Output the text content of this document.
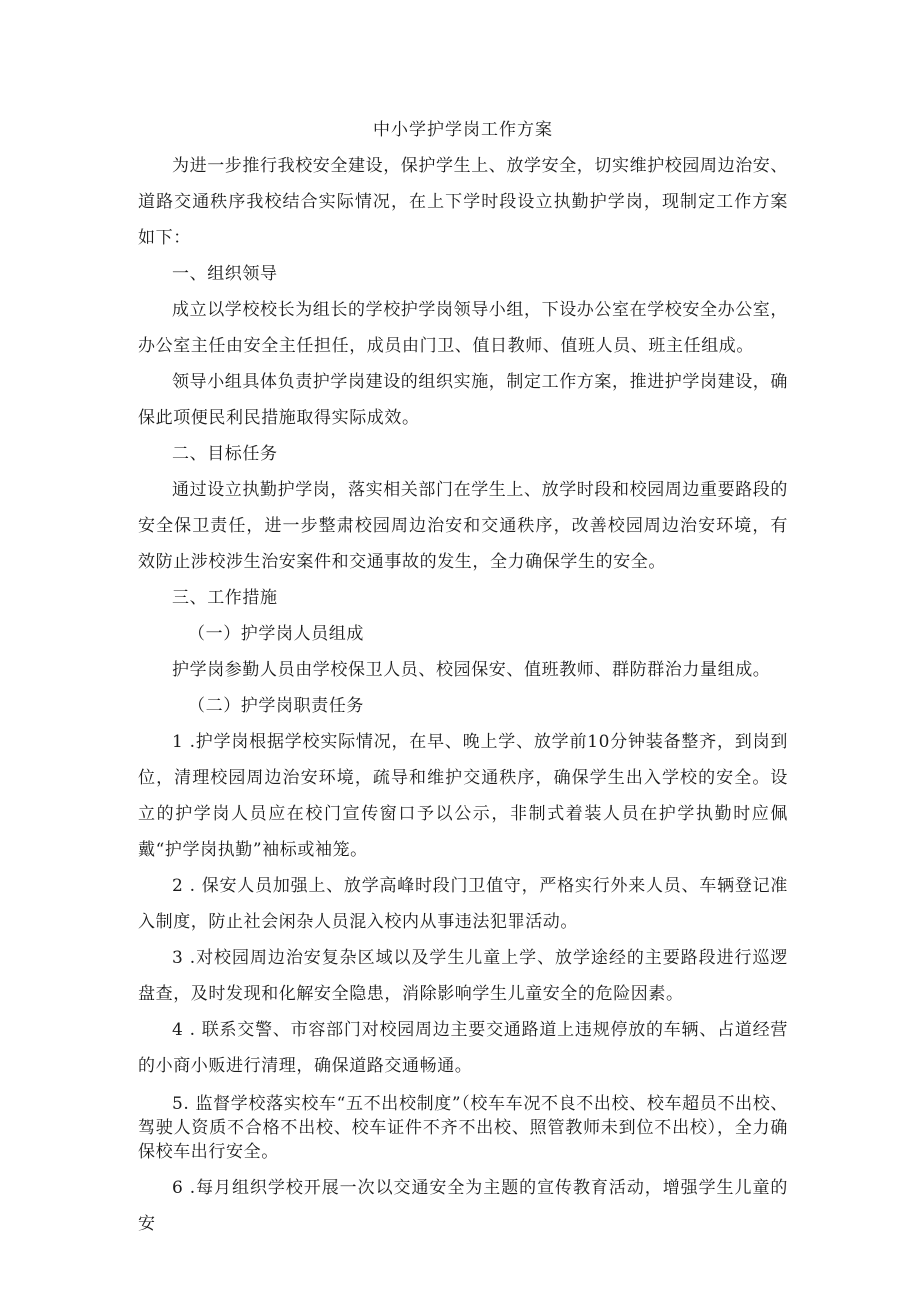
中小学护学岗工作方案

为进一步推行我校安全建设，保护学生上、放学安全，切实维护校园周边治安、道路交通秩序我校结合实际情况，在上下学时段设立执勤护学岗，现制定工作方案如下：

一、组织领导

成立以学校校长为组长的学校护学岗领导小组，下设办公室在学校安全办公室，办公室主任由安全主任担任，成员由门卫、值日教师、值班人员、班主任组成。

领导小组具体负责护学岗建设的组织实施，制定工作方案，推进护学岗建设，确保此项便民利民措施取得实际成效。

二、目标任务

通过设立执勤护学岗，落实相关部门在学生上、放学时段和校园周边重要路段的安全保卫责任，进一步整肃校园周边治安和交通秩序，改善校园周边治安环境，有效防止涉校涉生治安案件和交通事故的发生，全力确保学生的安全。

三、工作措施

（一）护学岗人员组成

护学岗参勤人员由学校保卫人员、校园保安、值班教师、群防群治力量组成。

（二）护学岗职责任务

1 .护学岗根据学校实际情况，在早、晚上学、放学前10分钟装备整齐，到岗到位，清理校园周边治安环境，疏导和维护交通秩序，确保学生出入学校的安全。设立的护学岗人员应在校门宣传窗口予以公示，非制式着装人员在护学执勤时应佩戴“护学岗执勤”袖标或袖笼。

2 . 保安人员加强上、放学高峰时段门卫值守，严格实行外来人员、车辆登记准入制度，防止社会闲杂人员混入校内从事违法犯罪活动。

3 .对校园周边治安复杂区域以及学生儿童上学、放学途经的主要路段进行巡逻盘查，及时发现和化解安全隐患，消除影响学生儿童安全的危险因素。

4 . 联系交警、市容部门对校园周边主要交通路道上违规停放的车辆、占道经营的小商小贩进行清理，确保道路交通畅通。

5. 监督学校落实校车“五不出校制度”（校车车况不良不出校、校车超员不出校、驾驶人资质不合格不出校、校车证件不齐不出校、照管教师未到位不出校），全力确保校车出行安全。

6 .每月组织学校开展一次以交通安全为主题的宣传教育活动，增强学生儿童的安
